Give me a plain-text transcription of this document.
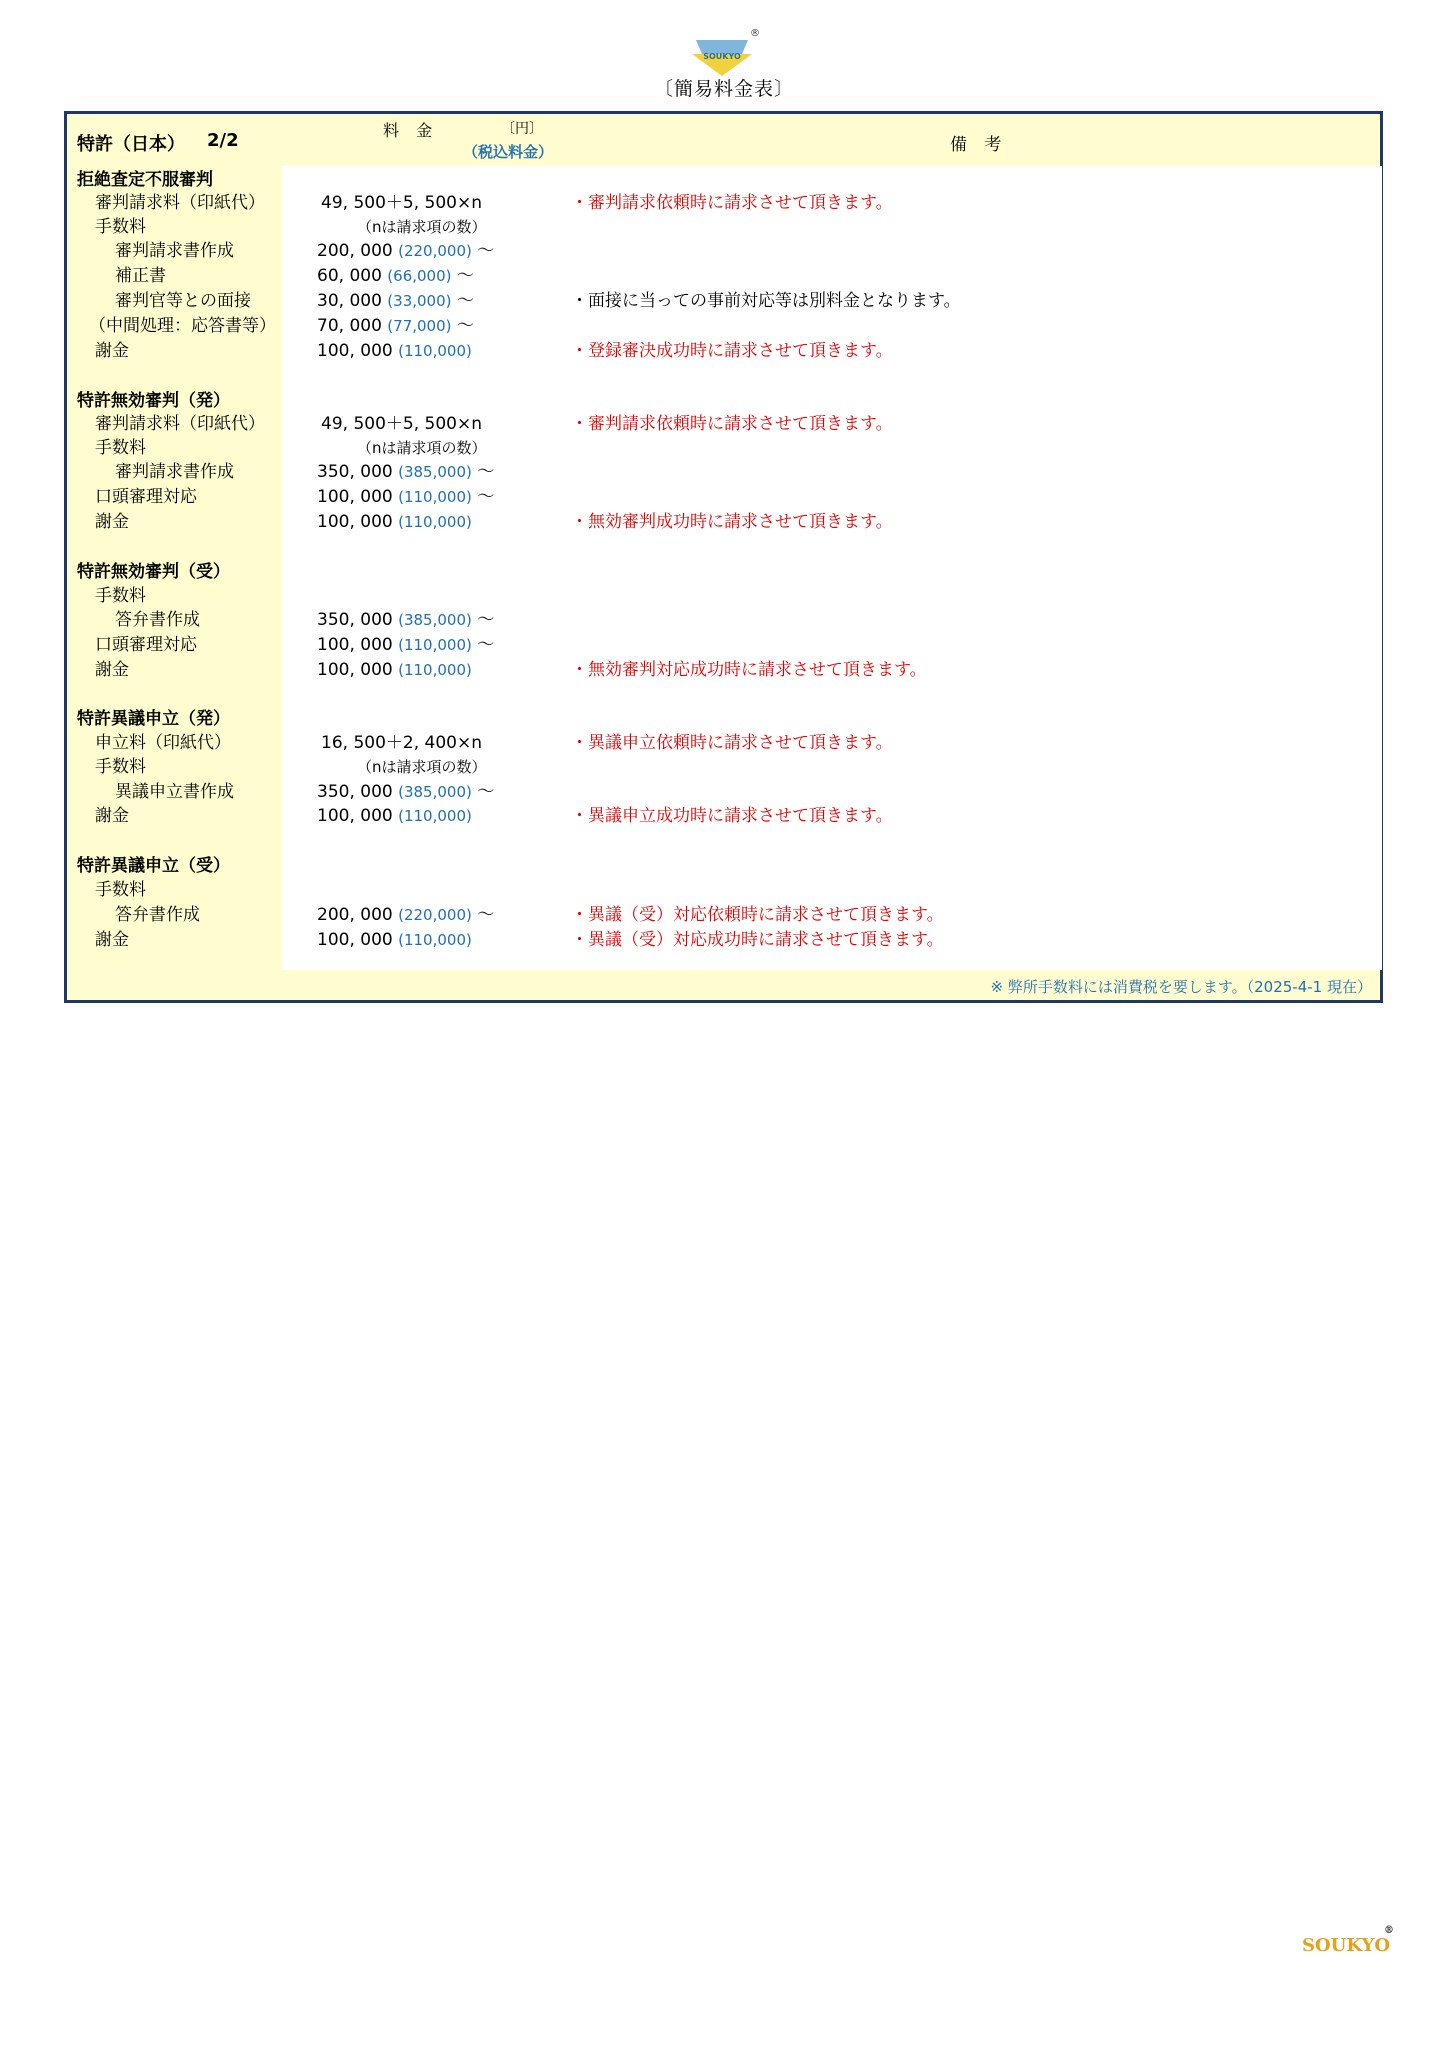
SOUKYO
®
〔簡易料金表〕
特許（日本） 2/2	料 金	〔円〕
（税込料金）	備 考
拒絶査定不服審判
審判請求料（印紙代）	49, 500＋5, 500×n	・審判請求依頼時に請求させて頂きます。
手数料	（nは請求項の数）
審判請求書作成	200, 000 (220,000) ～
補正書	60, 000 (66,000) ～
審判官等との面接	30, 000 (33,000) ～	・面接に当っての事前対応等は別料金となります。
（中間処理：応答書等） 70, 000 (77,000) ～
謝金	100, 000 (110,000)	・登録審決成功時に請求させて頂きます。
特許無効審判（発）
審判請求料（印紙代）	49, 500＋5, 500×n	・審判請求依頼時に請求させて頂きます。
手数料	（nは請求項の数）
審判請求書作成	350, 000 (385,000) ～
口頭審理対応	100, 000 (110,000) ～
謝金	100, 000 (110,000)	・無効審判成功時に請求させて頂きます。
特許無効審判（受）
手数料
答弁書作成	350, 000 (385,000) ～
口頭審理対応	100, 000 (110,000) ～
謝金	100, 000 (110,000)	・無効審判対応成功時に請求させて頂きます。
特許異議申立（発）
申立料（印紙代）	16, 500＋2, 400×n	・異議申立依頼時に請求させて頂きます。
手数料	（nは請求項の数）
異議申立書作成	350, 000 (385,000) ～
謝金	100, 000 (110,000)	・異議申立成功時に請求させて頂きます。
特許異議申立（受）
手数料
答弁書作成	200, 000 (220,000) ～	・異議（受）対応依頼時に請求させて頂きます。
謝金	100, 000 (110,000)	・異議（受）対応成功時に請求させて頂きます。
※ 弊所手数料には消費税を要します。（2025-4-1 現在）
SOUKYO
®
